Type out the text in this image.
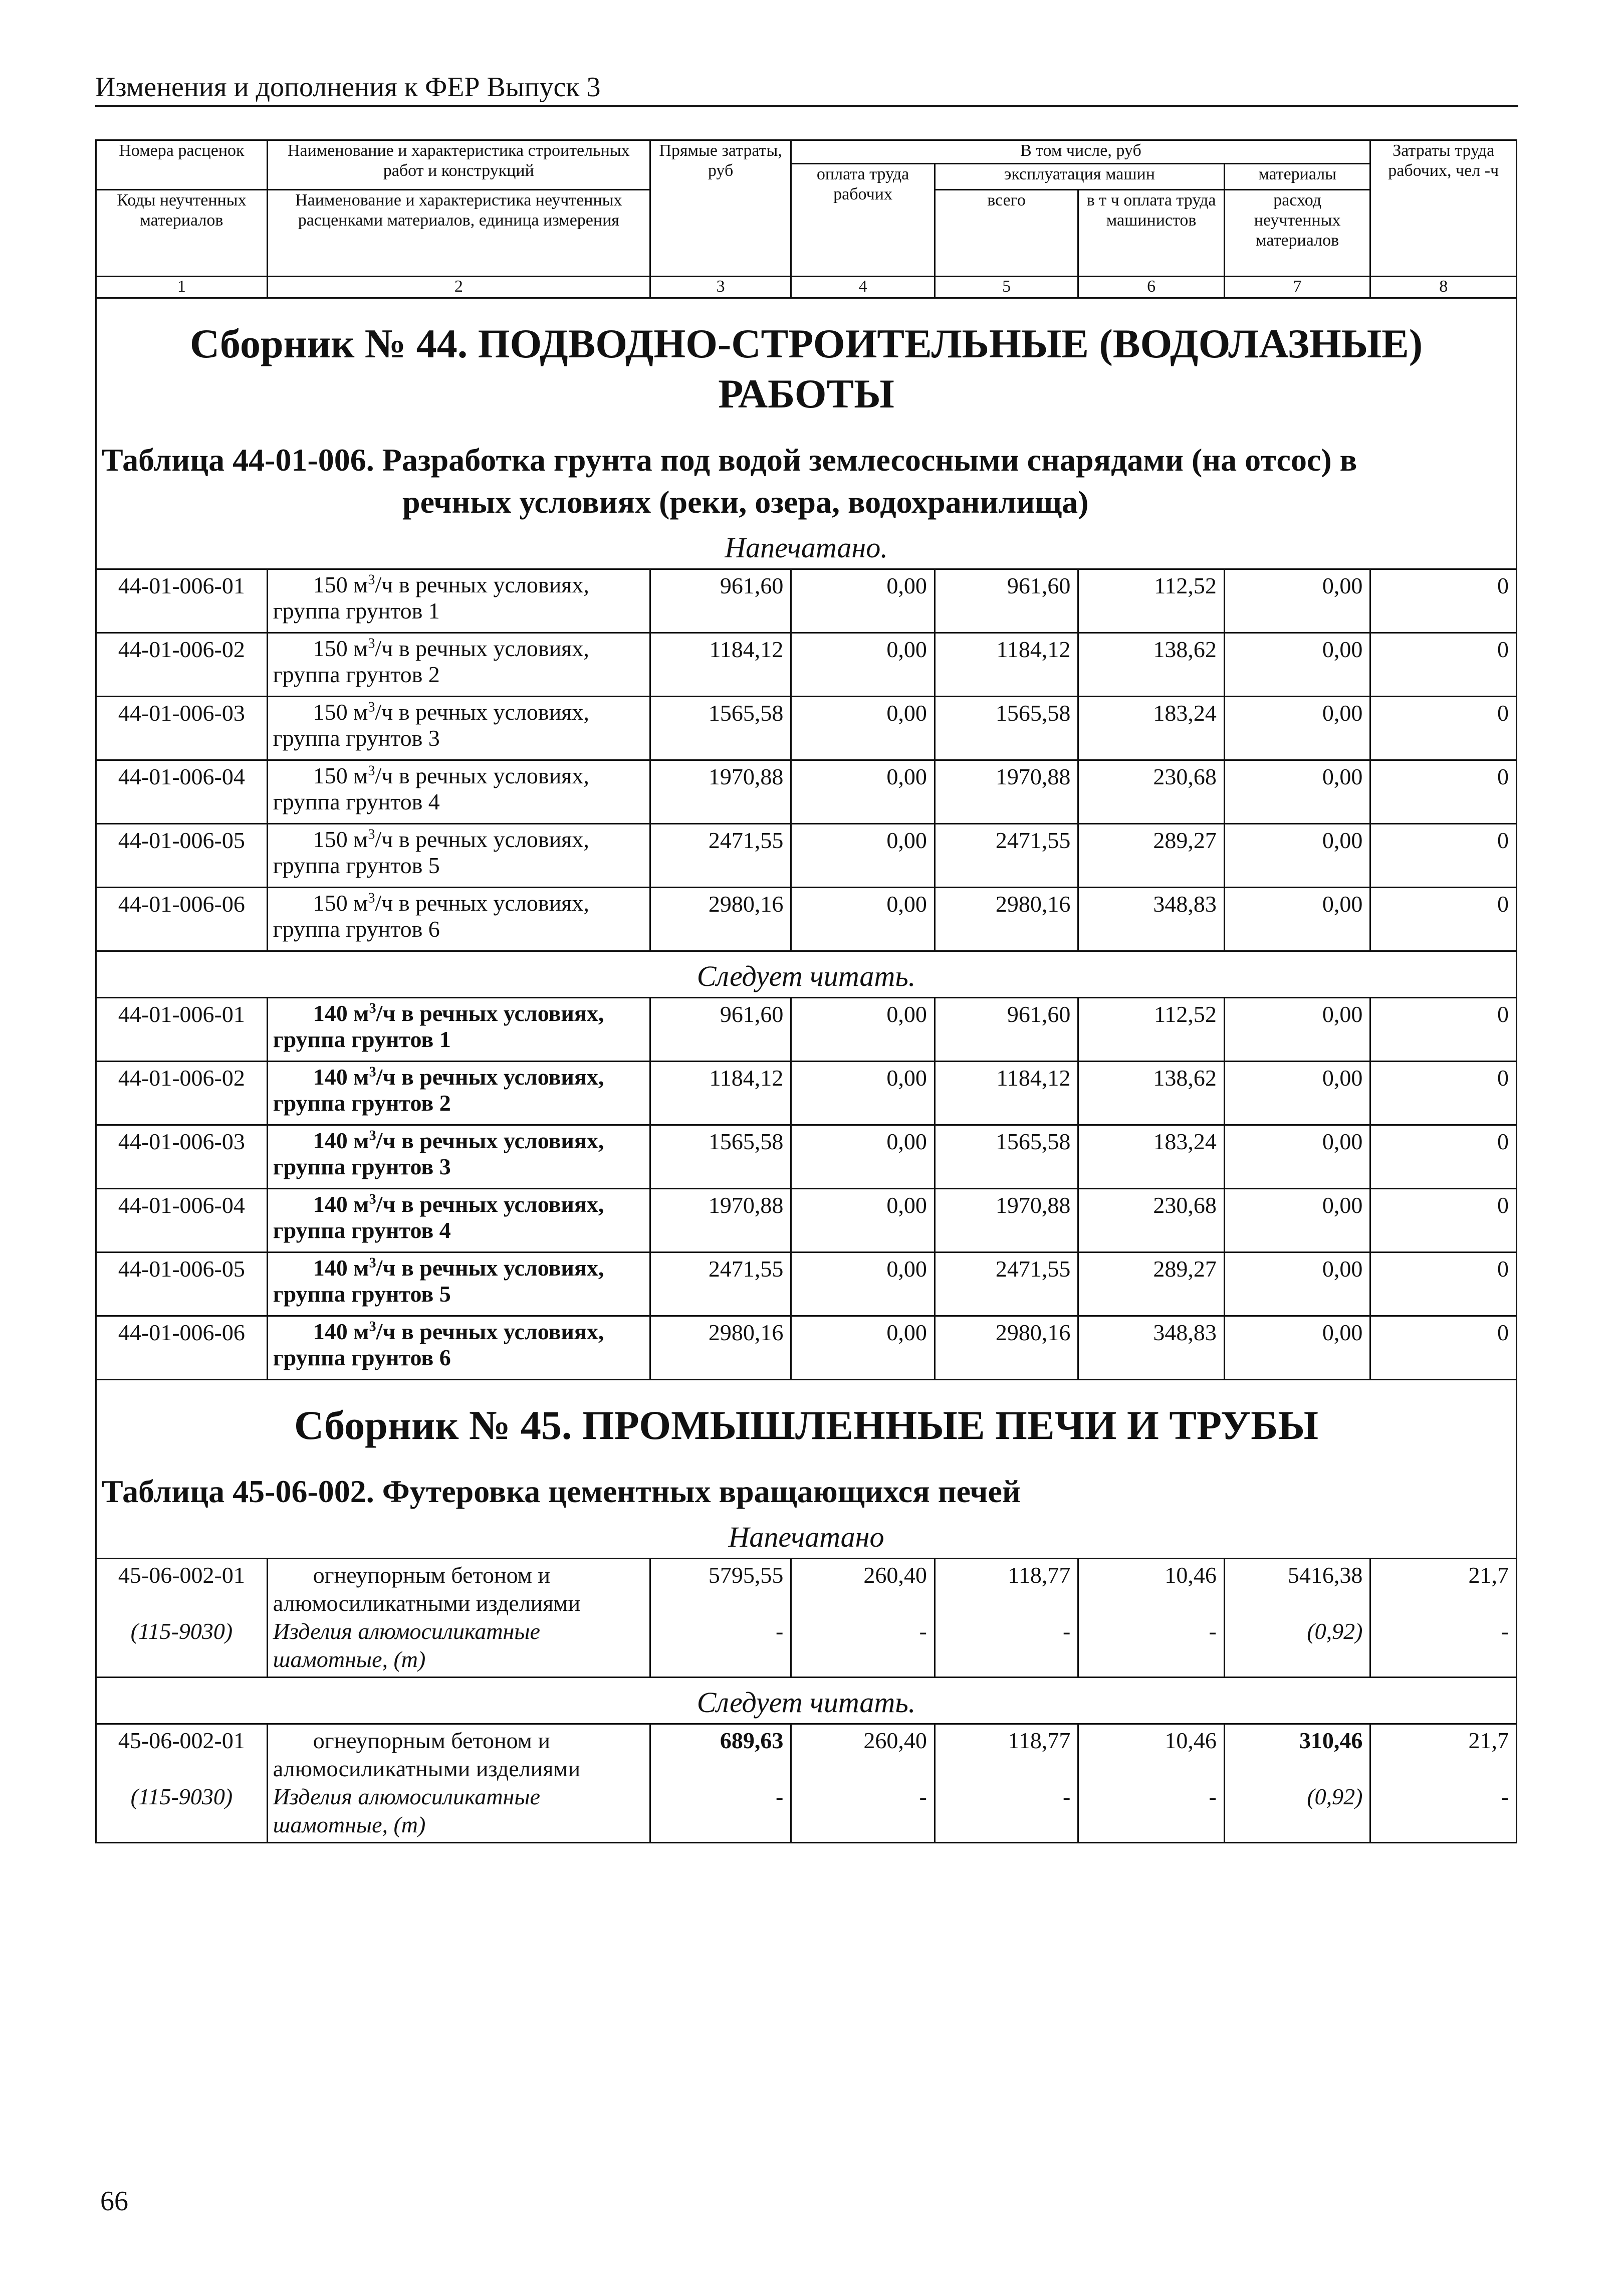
Изменения и дополнения к ФЕР Выпуск 3
Номера расценок	Наименование и характеристика строительных работ и конструкций	Прямые затраты, руб	В том числе, руб				Затраты труда рабочих, чел -ч
			оплата труда рабочих	эксплуатация машин		материалы	
Коды неучтенных материалов	Наименование и характеристика неучтенных расценками материалов, единица измерения			всего	в т ч оплата труда машинистов	расход неучтенных материалов	

1	2	3	4	5	6	7	8

Сборник № 44. ПОДВОДНО-СТРОИТЕЛЬНЫЕ (ВОДОЛАЗНЫЕ) РАБОТЫ
Таблица 44-01-006. Разработка грунта под водой землесосными снарядами (на отсос) в
речных условиях (реки, озера, водохранилища)
Напечатано.							

44-01-006-01	150 $м^3/ч$ в речных условиях,
группа грунтов 1	961,60	0,00	961,60	112,52	0,00	0
44-01-006-02	150 $м^3/ч$ в речных условиях,
группа грунтов 2	1184,12	0,00	1184,12	138,62	0,00	0
44-01-006-03	150 $м^3/ч$ в речных условиях,
группа грунтов 3	1565,58	0,00	1565,58	183,24	0,00	0
44-01-006-04	150 $м^3/ч$ в речных условиях,
группа грунтов 4	1970,88	0,00	1970,88	230,68	0,00	0
44-01-006-05	150 $м^3/ч$ в речных условиях,
группа грунтов 5	2471,55	0,00	2471,55	289,27	0,00	0
44-01-006-06	150 $м^3/ч$ в речных условиях,
группа грунтов 6	2980,16	0,00	2980,16	348,83	0,00	0

Следует читать.							

44-01-006-01	140 $м^3/ч$ в речных условиях,
группа грунтов 1	961,60	0,00	961,60	112,52	0,00	0
44-01-006-02	140 $м^3/ч$ в речных условиях,
группа грунтов 2	1184,12	0,00	1184,12	138,62	0,00	0
44-01-006-03	140 $м^3/ч$ в речных условиях,
группа грунтов 3	1565,58	0,00	1565,58	183,24	0,00	0
44-01-006-04	140 $м^3/ч$ в речных условиях,
группа грунтов 4	1970,88	0,00	1970,88	230,68	0,00	0
44-01-006-05	140 $м^3/ч$ в речных условиях,
группа грунтов 5	2471,55	0,00	2471,55	289,27	0,00	0
44-01-006-06	140 $м^3/ч$ в речных условиях,
группа грунтов 6	2980,16	0,00	2980,16	348,83	0,00	0

Сборник № 45. ПРОМЫШЛЕННЫЕ ПЕЧИ И ТРУБЫ
Таблица 45-06-002. Футеровка цементных вращающихся печей
Напечатано							

45-06-002-01	огнеупорным бетоном и
алюмосиликатными изделиями	5795,55	260,40	118,77	10,46	5416,38	21,7
(115-9030)	Изделия алюмосиликатные
шамотные, (т)	-	-	-	-	(0,92)	-

Следует читать.							

45-06-002-01	огнеупорным бетоном и
алюмосиликатными изделиями	689,63	260,40	118,77	10,46	310,46	21,7
(115-9030)	Изделия алюмосиликатные
шамотные, (т)	-	-	-	-	(0,92)	-
66
